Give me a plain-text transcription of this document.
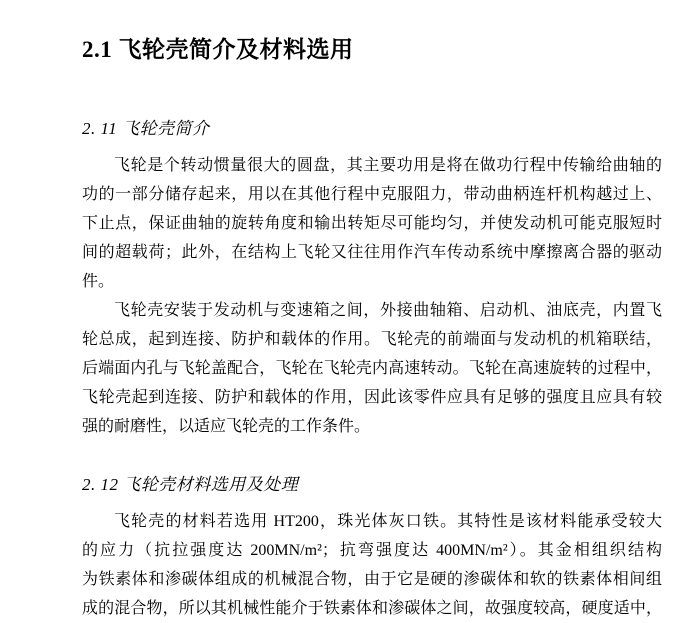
2.1 飞轮壳简介及材料选用
2. 11 飞轮壳简介
飞轮是个转动惯量很大的圆盘，其主要功用是将在做功行程中传输给曲轴的
功的一部分储存起来，用以在其他行程中克服阻力，带动曲柄连杆机构越过上、
下止点，保证曲轴的旋转角度和输出转矩尽可能均匀，并使发动机可能克服短时
间的超载荷；此外，在结构上飞轮又往往用作汽车传动系统中摩擦离合器的驱动
件。
飞轮壳安装于发动机与变速箱之间，外接曲轴箱、启动机、油底壳，内置飞
轮总成，起到连接、防护和载体的作用。飞轮壳的前端面与发动机的机箱联结，
后端面内孔与飞轮盖配合，飞轮在飞轮壳内高速转动。飞轮在高速旋转的过程中，
飞轮壳起到连接、防护和载体的作用，因此该零件应具有足够的强度且应具有较
强的耐磨性，以适应飞轮壳的工作条件。
2. 12 飞轮壳材料选用及处理
飞轮壳的材料若选用 HT200，珠光体灰口铁。其特性是该材料能承受较大
的应力（抗拉强度达 200MN/m²；抗弯强度达 400MN/m²）。其金相组织结构
为铁素体和渗碳体组成的机械混合物，由于它是硬的渗碳体和软的铁素体相间组
成的混合物，所以其机械性能介于铁素体和渗碳体之间，故强度较高，硬度适中，
